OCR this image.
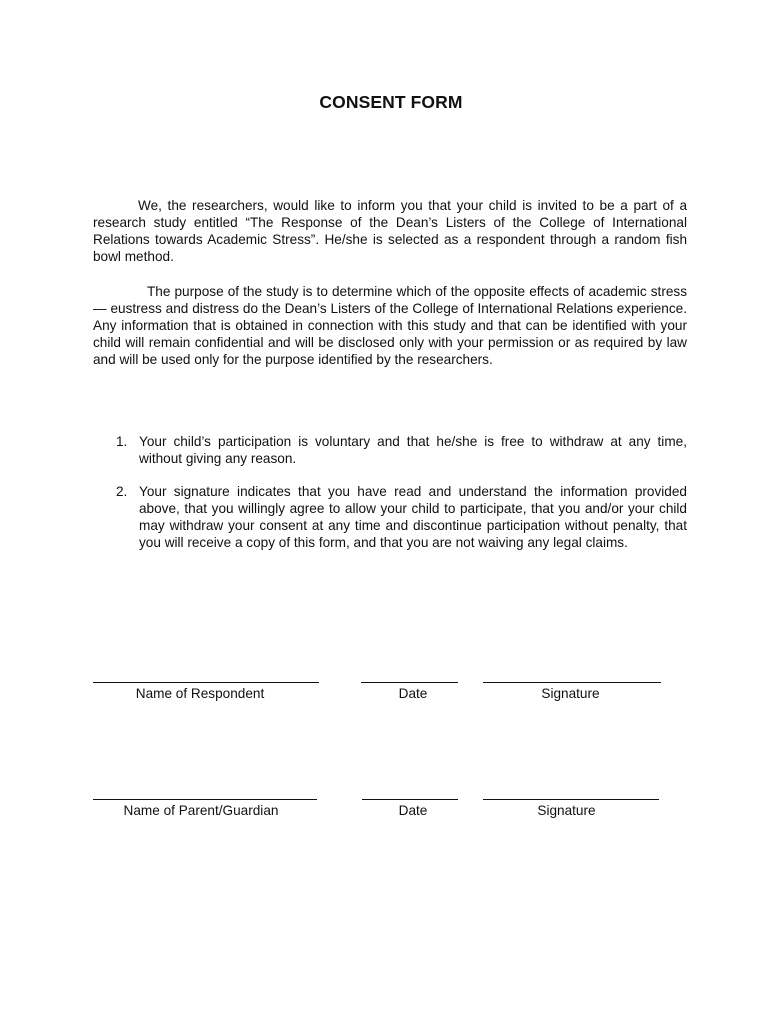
CONSENT FORM

We, the researchers, would like to inform you that your child is invited to be a part of a research study entitled “The Response of the Dean’s Listers of the College of International Relations towards Academic Stress”. He/she is selected as a respondent through a random fish bowl method.

The purpose of the study is to determine which of the opposite effects of academic stress — eustress and distress do the Dean’s Listers of the College of International Relations experience. Any information that is obtained in connection with this study and that can be identified with your child will remain confidential and will be disclosed only with your permission or as required by law and will be used only for the purpose identified by the researchers.

1. Your child’s participation is voluntary and that he/she is free to withdraw at any time, without giving any reason.
2. Your signature indicates that you have read and understand the information provided above, that you willingly agree to allow your child to participate, that you and/or your child may withdraw your consent at any time and discontinue participation without penalty, that you will receive a copy of this form, and that you are not waiving any legal claims.
Name of Respondent	Date	Signature
Name of Parent/Guardian	Date	Signature
